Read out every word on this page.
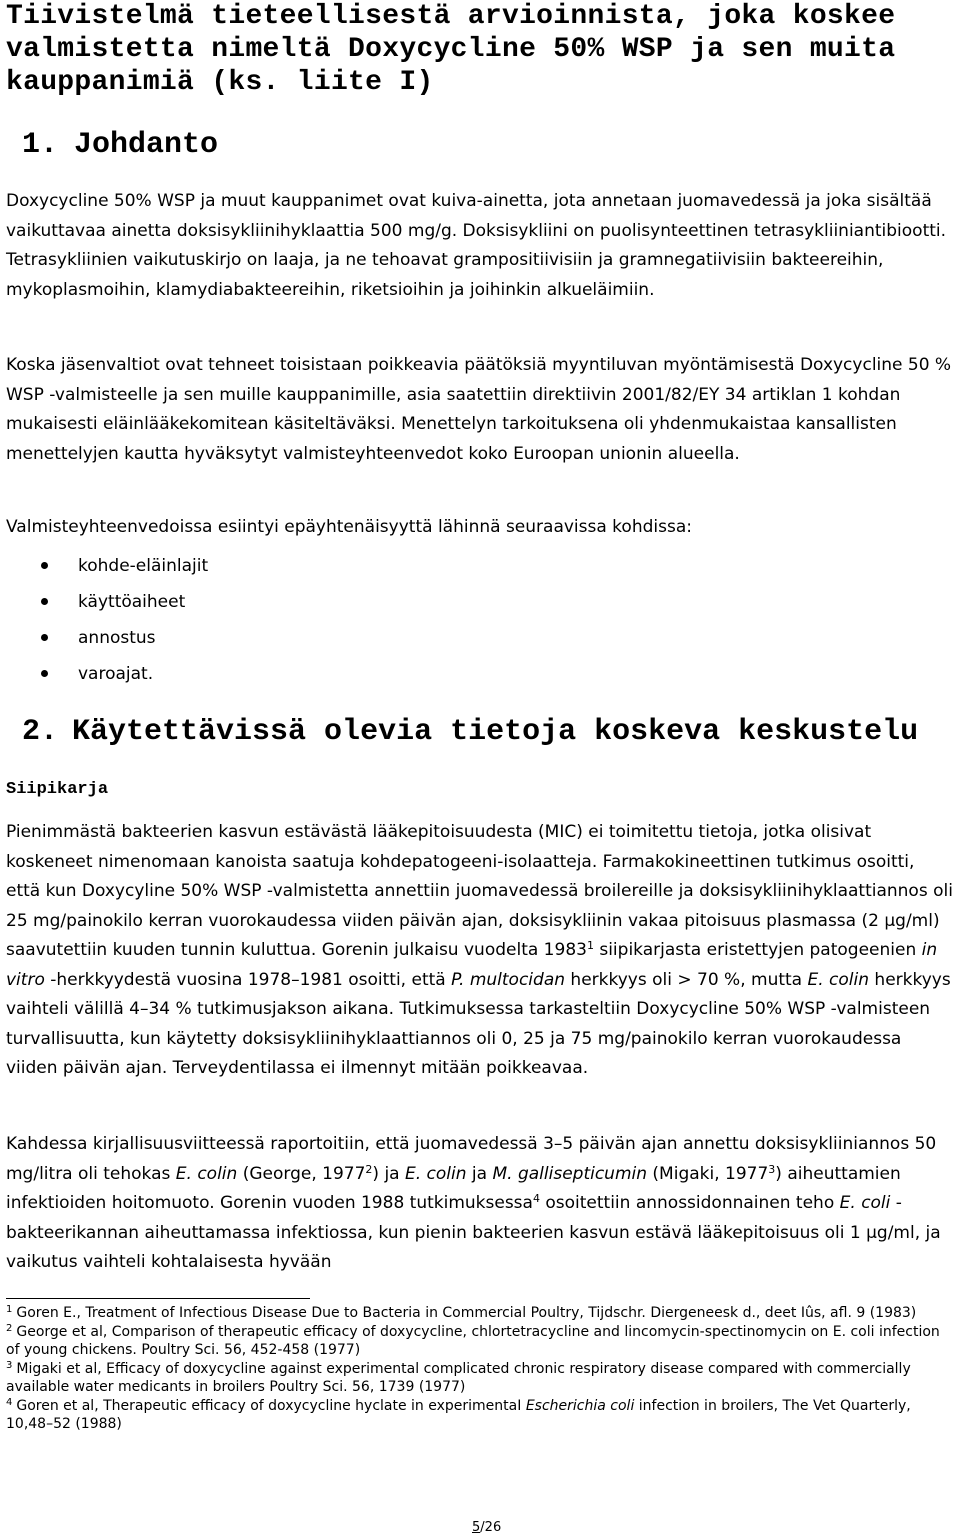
Tiivistelmä tieteellisestä arvioinnista, joka koskee valmistetta nimeltä Doxycycline 50% WSP ja sen muita kauppanimiä (ks. liite I)
1. Johdanto

Doxycycline 50% WSP ja muut kauppanimet ovat kuiva-ainetta, jota annetaan juomavedessä ja joka sisältää vaikuttavaa ainetta doksisykliinihyklaattia 500 mg/g. Doksisykliini on puolisynteettinen tetrasykliiniantibiootti. Tetrasykliinien vaikutuskirjo on laaja, ja ne tehoavat grampositiivisiin ja gramnegatiivisiin bakteereihin, mykoplasmoihin, klamydiabakteereihin, riketsioihin ja joihinkin alkueläimiin.

Koska jäsenvaltiot ovat tehneet toisistaan poikkeavia päätöksiä myyntiluvan myöntämisestä Doxycycline 50 % WSP -valmisteelle ja sen muille kauppanimille, asia saatettiin direktiivin 2001/82/EY 34 artiklan 1 kohdan mukaisesti eläinlääkekomitean käsiteltäväksi. Menettelyn tarkoituksena oli yhdenmukaistaa kansallisten menettelyjen kautta hyväksytyt valmisteyhteenvedot koko Euroopan unionin alueella.

Valmisteyhteenvedoissa esiintyi epäyhtenäisyyttä lähinnä seuraavissa kohdissa:

kohde-eläinlajit
käyttöaiheet
annostus
varoajat.
2. Käytettävissä olevia tietoja koskeva keskustelu
Siipikarja

Pienimmästä bakteerien kasvun estävästä lääkepitoisuudesta (MIC) ei toimitettu tietoja, jotka olisivat koskeneet nimenomaan kanoista saatuja kohdepatogeeni-isolaatteja. Farmakokineettinen tutkimus osoitti, että kun Doxycyline 50% WSP -valmistetta annettiin juomavedessä broilereille ja doksisykliinihyklaattiannos oli 25 mg/painokilo kerran vuorokaudessa viiden päivän ajan, doksisykliinin vakaa pitoisuus plasmassa (2 µg/ml) saavutettiin kuuden tunnin kuluttua. Gorenin julkaisu vuodelta 1983$^1$ siipikarjasta eristettyjen patogeenien in vitro -herkkyydestä vuosina 1978–1981 osoitti, että P. multocidan herkkyys oli > 70 %, mutta E. colin herkkyys vaihteli välillä 4–34 % tutkimusjakson aikana. Tutkimuksessa tarkasteltiin Doxycycline 50% WSP -valmisteen turvallisuutta, kun käytetty doksisykliinihyklaattiannos oli 0, 25 ja 75 mg/painokilo kerran vuorokaudessa viiden päivän ajan. Terveydentilassa ei ilmennyt mitään poikkeavaa.

Kahdessa kirjallisuusviitteessä raportoitiin, että juomavedessä 3–5 päivän ajan annettu doksisykliiniannos 50 mg/litra oli tehokas E. colin (George, 1977$^2$) ja E. colin ja M. gallisepticumin (Migaki, 1977$^3$) aiheuttamien infektioiden hoitomuoto. Gorenin vuoden 1988 tutkimuksessa$^4$ osoitettiin annossidonnainen teho E. coli -bakteerikannan aiheuttamassa infektiossa, kun pienin bakteerien kasvun estävä lääkepitoisuus oli 1 µg/ml, ja vaikutus vaihteli kohtalaisesta hyvään

$^1$ Goren E., Treatment of Infectious Disease Due to Bacteria in Commercial Poultry, Tijdschr. Diergeneesk d., deet Iûs, afl. 9 (1983)

$^2$ George et al, Comparison of therapeutic efficacy of doxycycline, chlortetracycline and lincomycin-spectinomycin on E. coli infection of young chickens. Poultry Sci. 56, 452-458 (1977)

$^3$ Migaki et al, Efficacy of doxycycline against experimental complicated chronic respiratory disease compared with commercially available water medicants in broilers Poultry Sci. 56, 1739 (1977)

$^4$ Goren et al, Therapeutic efficacy of doxycycline hyclate in experimentaI Escherichia coli infection in broilers, The Vet Quarterly, 10,48–52 (1988)

5/26
